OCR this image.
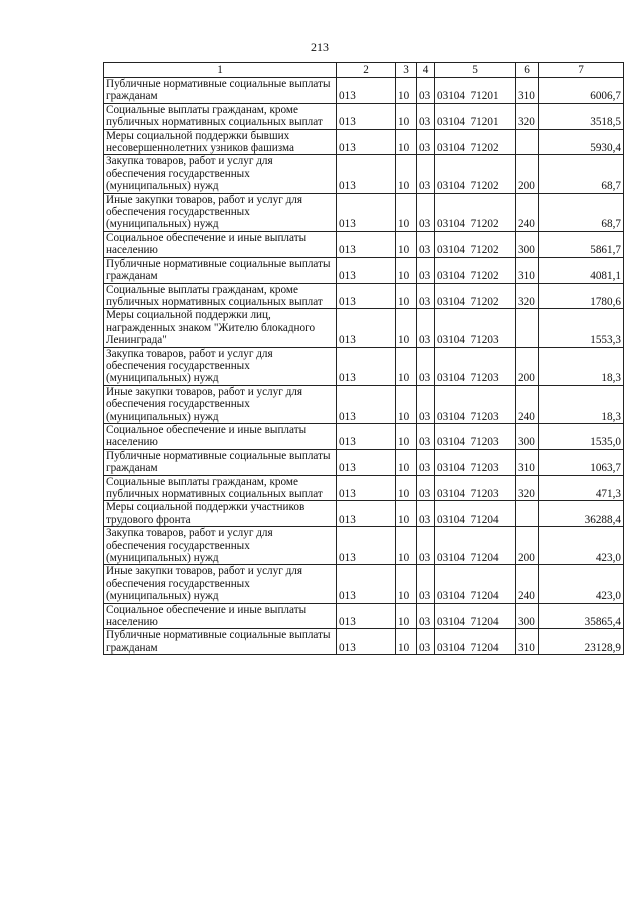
213
1	2	3	4	5	6	7
Публичные нормативные социальные выплаты гражданам	013	10	03	03104  71201	310	6006,7
Социальные выплаты гражданам, кроме публичных нормативных социальных выплат	013	10	03	03104  71201	320	3518,5
Меры социальной поддержки бывших несовершеннолетних узников фашизма	013	10	03	03104  71202		5930,4
Закупка товаров, работ и услуг для обеспечения государственных (муниципальных) нужд	013	10	03	03104  71202	200	68,7
Иные закупки товаров, работ и услуг для обеспечения государственных (муниципальных) нужд	013	10	03	03104  71202	240	68,7
Социальное обеспечение и иные выплаты населению	013	10	03	03104  71202	300	5861,7
Публичные нормативные социальные выплаты гражданам	013	10	03	03104  71202	310	4081,1
Социальные выплаты гражданам, кроме публичных нормативных социальных выплат	013	10	03	03104  71202	320	1780,6
Меры социальной поддержки лиц, награжденных знаком "Жителю блокадного Ленинграда"	013	10	03	03104  71203		1553,3
Закупка товаров, работ и услуг для обеспечения государственных (муниципальных) нужд	013	10	03	03104  71203	200	18,3
Иные закупки товаров, работ и услуг для обеспечения государственных (муниципальных) нужд	013	10	03	03104  71203	240	18,3
Социальное обеспечение и иные выплаты населению	013	10	03	03104  71203	300	1535,0
Публичные нормативные социальные выплаты гражданам	013	10	03	03104  71203	310	1063,7
Социальные выплаты гражданам, кроме публичных нормативных социальных выплат	013	10	03	03104  71203	320	471,3
Меры социальной поддержки участников трудового фронта	013	10	03	03104  71204		36288,4
Закупка товаров, работ и услуг для обеспечения государственных (муниципальных) нужд	013	10	03	03104  71204	200	423,0
Иные закупки товаров, работ и услуг для обеспечения государственных (муниципальных) нужд	013	10	03	03104  71204	240	423,0
Социальное обеспечение и иные выплаты населению	013	10	03	03104  71204	300	35865,4
Публичные нормативные социальные выплаты гражданам	013	10	03	03104  71204	310	23128,9
